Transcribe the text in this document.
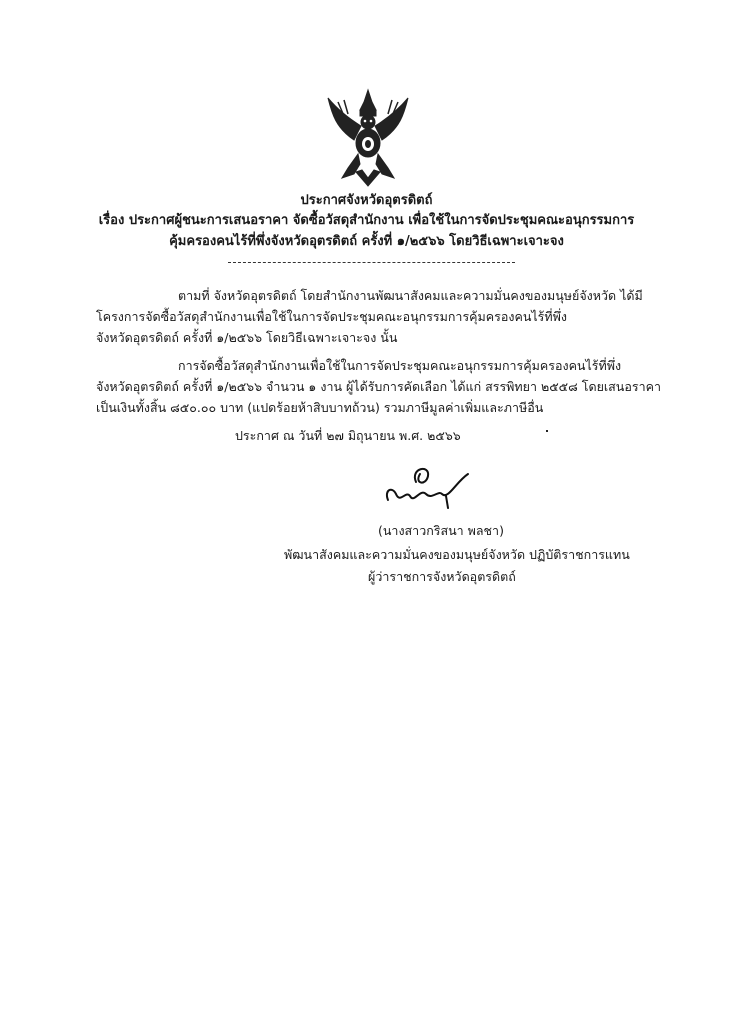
ประกาศจังหวัดอุตรดิตถ์
เรื่อง ประกาศผู้ชนะการเสนอราคา จัดซื้อวัสดุสำนักงาน เพื่อใช้ในการจัดประชุมคณะอนุกรรมการ
คุ้มครองคนไร้ที่พึ่งจังหวัดอุตรดิตถ์ ครั้งที่ ๑/๒๕๖๖ โดยวิธีเฉพาะเจาะจง
ตามที่ จังหวัดอุตรดิตถ์ โดยสำนักงานพัฒนาสังคมและความมั่นคงของมนุษย์จังหวัด ได้มี
โครงการจัดซื้อวัสดุสำนักงานเพื่อใช้ในการจัดประชุมคณะอนุกรรมการคุ้มครองคนไร้ที่พึ่ง
จังหวัดอุตรดิตถ์ ครั้งที่ ๑/๒๕๖๖ โดยวิธีเฉพาะเจาะจง นั้น
การจัดซื้อวัสดุสำนักงานเพื่อใช้ในการจัดประชุมคณะอนุกรรมการคุ้มครองคนไร้ที่พึ่ง
จังหวัดอุตรดิตถ์ ครั้งที่ ๑/๒๕๖๖ จำนวน ๑ งาน ผู้ได้รับการคัดเลือก ได้แก่ สรรพิทยา ๒๕๕๘ โดยเสนอราคา
เป็นเงินทั้งสิ้น ๘๕๐.๐๐ บาท (แปดร้อยห้าสิบบาทถ้วน) รวมภาษีมูลค่าเพิ่มและภาษีอื่น
ประกาศ ณ วันที่ ๒๗ มิถุนายน พ.ศ. ๒๕๖๖
(นางสาวกริสนา พลชา)
พัฒนาสังคมและความมั่นคงของมนุษย์จังหวัด ปฏิบัติราชการแทน
ผู้ว่าราชการจังหวัดอุตรดิตถ์
